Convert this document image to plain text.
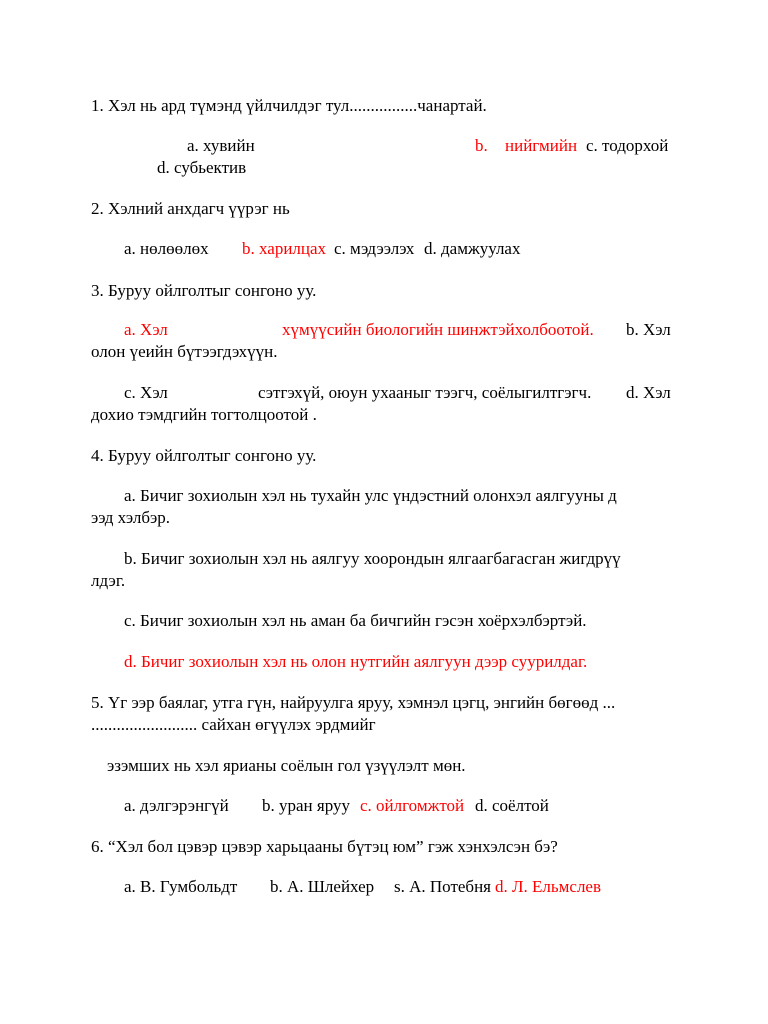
1. Хэл нь ард түмэнд үйлчилдэг тул................чанартай.
a. хувийн	b. нийгмийн c. тодорхой
d. субьектив
2. Хэлний анхдагч үүрэг нь
a. нөлөөлөх b. харилцах c. мэдээлэх d. дамжуулах
3. Буруу ойлголтыг сонгоно уу.
a. Хэл	хүмүүсийн биологийн шинжтэйхолбоотой. b. Хэл
олон үеийн бүтээгдэхүүн.
c. Хэл	сэтгэхүй, оюун ухааныг тээгч, соёлыгилтгэгч. d. Хэл
дохио тэмдгийн тогтолцоотой .
4. Буруу ойлголтыг сонгоно уу.
a. Бичиг зохиолын хэл нь тухайн улс үндэстний олонхэл аялгууны д
ээд хэлбэр.
b. Бичиг зохиолын хэл нь аялгуу хоорондын ялгаагбагасган жигдрүү
лдэг.
c. Бичиг зохиолын хэл нь аман ба бичгийн гэсэн хоёрхэлбэртэй.
d. Бичиг зохиолын хэл нь олон нутгийн аялгуун дээр суурилдаг.
5. Үг ээр баялаг, утга гүн, найруулга яруу, хэмнэл цэгц, энгийн бөгөөд ...
......................... сайхан өгүүлэх эрдмийг
эзэмших нь хэл ярианы соёлын гол үзүүлэлт мөн.
a. дэлгэрэнгүй b. уран яруу c. ойлгомжтой d. соёлтой
6. “Хэл бол цэвэр цэвэр харьцааны бүтэц юм” гэж хэнхэлсэн бэ?
a. В. Гумбольдт b. А. Шлейхер s. А. Потебня d. Л. Ельмслев
